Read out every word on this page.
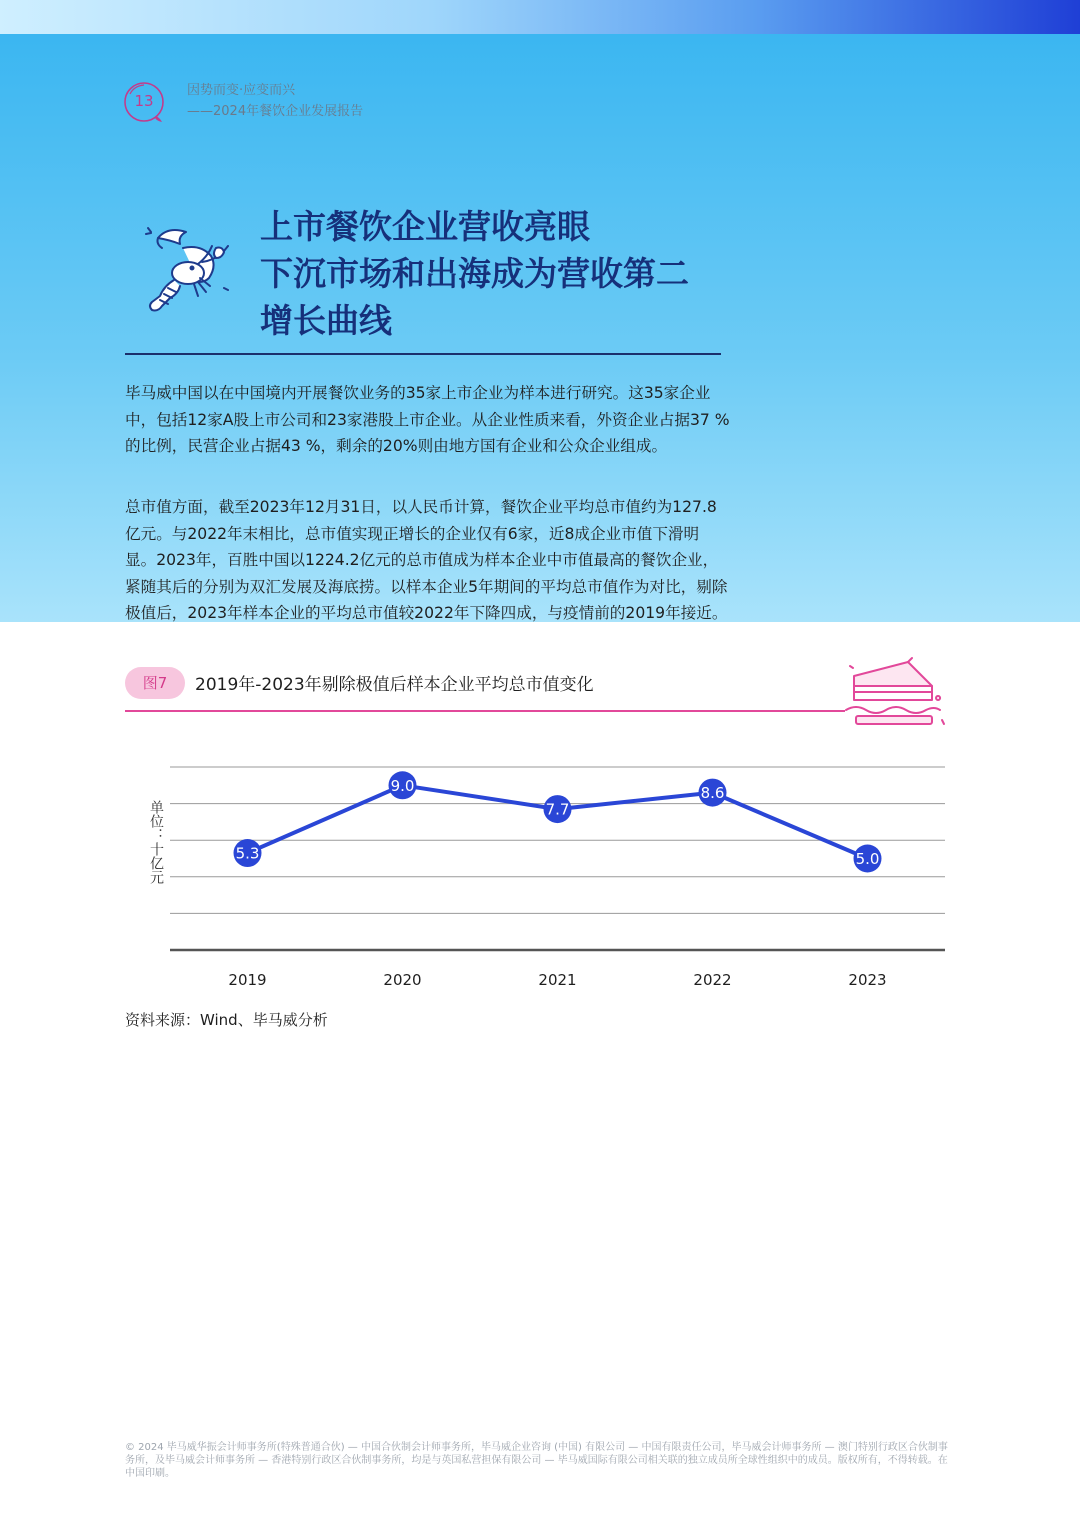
13
因势而变·应变而兴
——2024年餐饮企业发展报告
上市餐饮企业营收亮眼
下沉市场和出海成为营收第二
增长曲线
毕马威中国以在中国境内开展餐饮业务的35家上市企业为样本进行研究。这35家企业中，包括12家A股上市公司和23家港股上市企业。从企业性质来看，外资企业占据37 %的比例，民营企业占据43 %，剩余的20%则由地方国有企业和公众企业组成。
总市值方面，截至2023年12月31日，以人民币计算，餐饮企业平均总市值约为127.8亿元。与2022年末相比，总市值实现正增长的企业仅有6家，近8成企业市值下滑明显。2023年，百胜中国以1224.2亿元的总市值成为样本企业中市值最高的餐饮企业，紧随其后的分别为双汇发展及海底捞。以样本企业5年期间的平均总市值作为对比，剔除极值后，2023年样本企业的平均总市值较2022年下降四成，与疫情前的2019年接近。
图7	2019年-2023年剔除极值后样本企业平均总市值变化
5.3
9.0
7.7
8.6
5.0
2019	2020	2021	2022	2023
单位：十亿元
资料来源：Wind、毕马威分析
© 2024 毕马威华振会计师事务所(特殊普通合伙) — 中国合伙制会计师事务所，毕马威企业咨询 (中国) 有限公司 — 中国有限责任公司，毕马威会计师事务所 — 澳门特别行政区合伙制事务所，及毕马威会计师事务所 — 香港特别行政区合伙制事务所，均是与英国私营担保有限公司 — 毕马威国际有限公司相关联的独立成员所全球性组织中的成员。版权所有，不得转载。在中国印刷。
